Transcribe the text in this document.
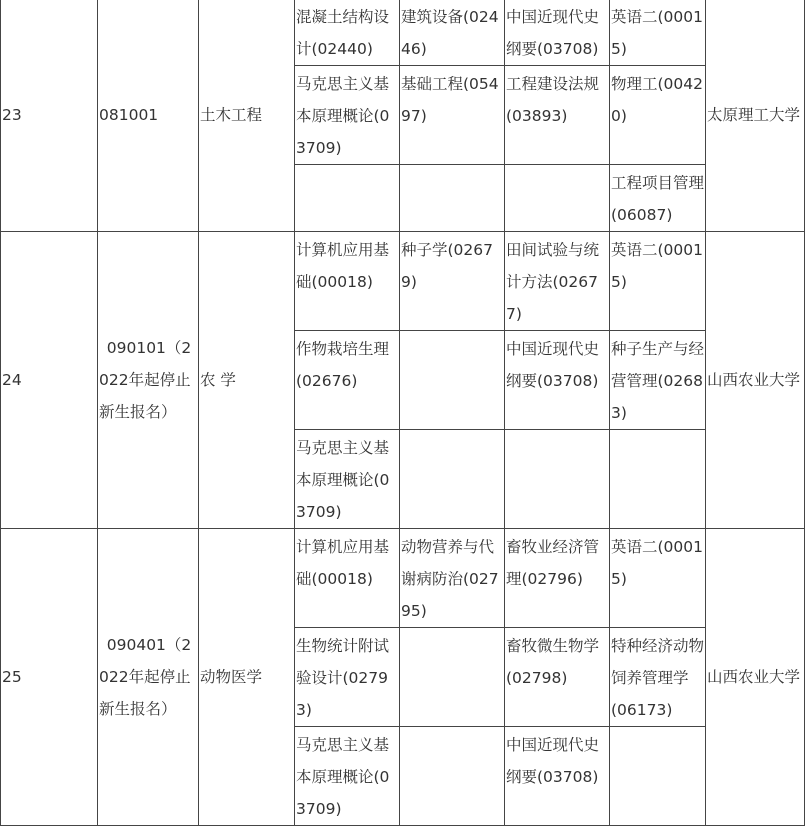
23	081001	土木工程	混凝土结构设计(02440)	建筑设备(02446)	中国近现代史纲要(03708)	英语二(00015)	太原理工大学
			马克思主义基本原理概论(03709)	基础工程(05497)	工程建设法规(03893)	物理工(00420)	
						工程项目管理(06087)	
24	090101（2022年起停止新生报名）	农 学	计算机应用基础(00018)	种子学(02679)	田间试验与统计方法(02677)	英语二(00015)	山西农业大学
			作物栽培生理(02676)		中国近现代史纲要(03708)	种子生产与经营管理(02683)	
			马克思主义基本原理概论(03709)				
25	090401（2022年起停止新生报名）	动物医学	计算机应用基础(00018)	动物营养与代谢病防治(02795)	畜牧业经济管理(02796)	英语二(00015)	山西农业大学
			生物统计附试验设计(02793)		畜牧微生物学(02798)	特种经济动物饲养管理学(06173)	
			马克思主义基本原理概论(03709)		中国近现代史纲要(03708)		
